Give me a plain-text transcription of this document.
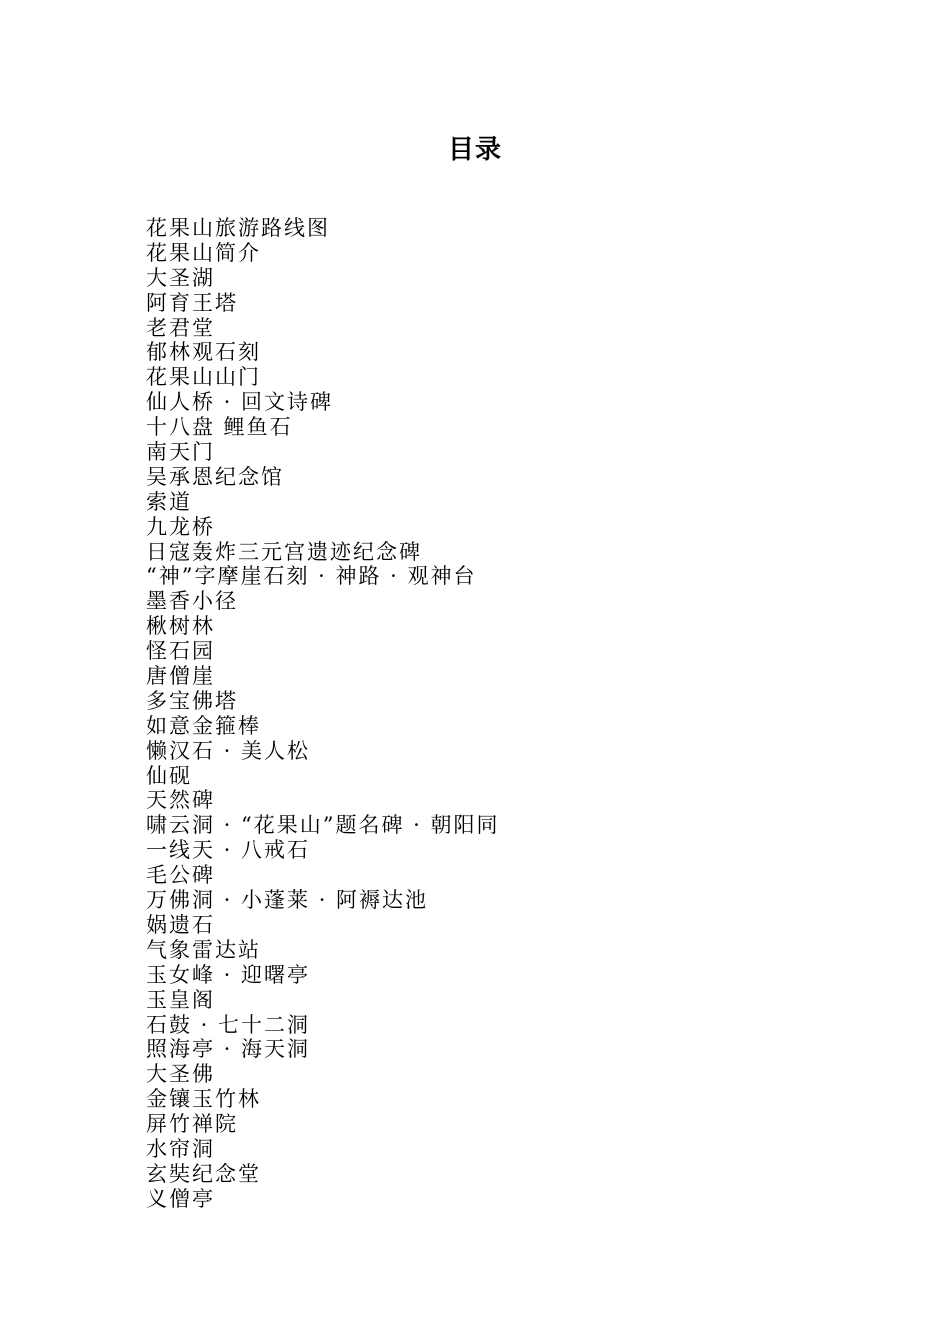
目录
花果山旅游路线图
花果山简介
大圣湖
阿育王塔
老君堂
郁林观石刻
花果山山门
仙人桥 · 回文诗碑
十八盘 鲤鱼石
南天门
吴承恩纪念馆
索道
九龙桥
日寇轰炸三元宫遗迹纪念碑
“神”字摩崖石刻 · 神路 · 观神台
墨香小径
楸树林
怪石园
唐僧崖
多宝佛塔
如意金箍棒
懒汉石 · 美人松
仙砚
天然碑
啸云洞 · “花果山”题名碑 · 朝阳同
一线天 · 八戒石
毛公碑
万佛洞 · 小蓬莱 · 阿褥达池
娲遗石
气象雷达站
玉女峰 · 迎曙亭
玉皇阁
石鼓 · 七十二洞
照海亭 · 海天洞
大圣佛
金镶玉竹林
屏竹禅院
水帘洞
玄奘纪念堂
义僧亭
